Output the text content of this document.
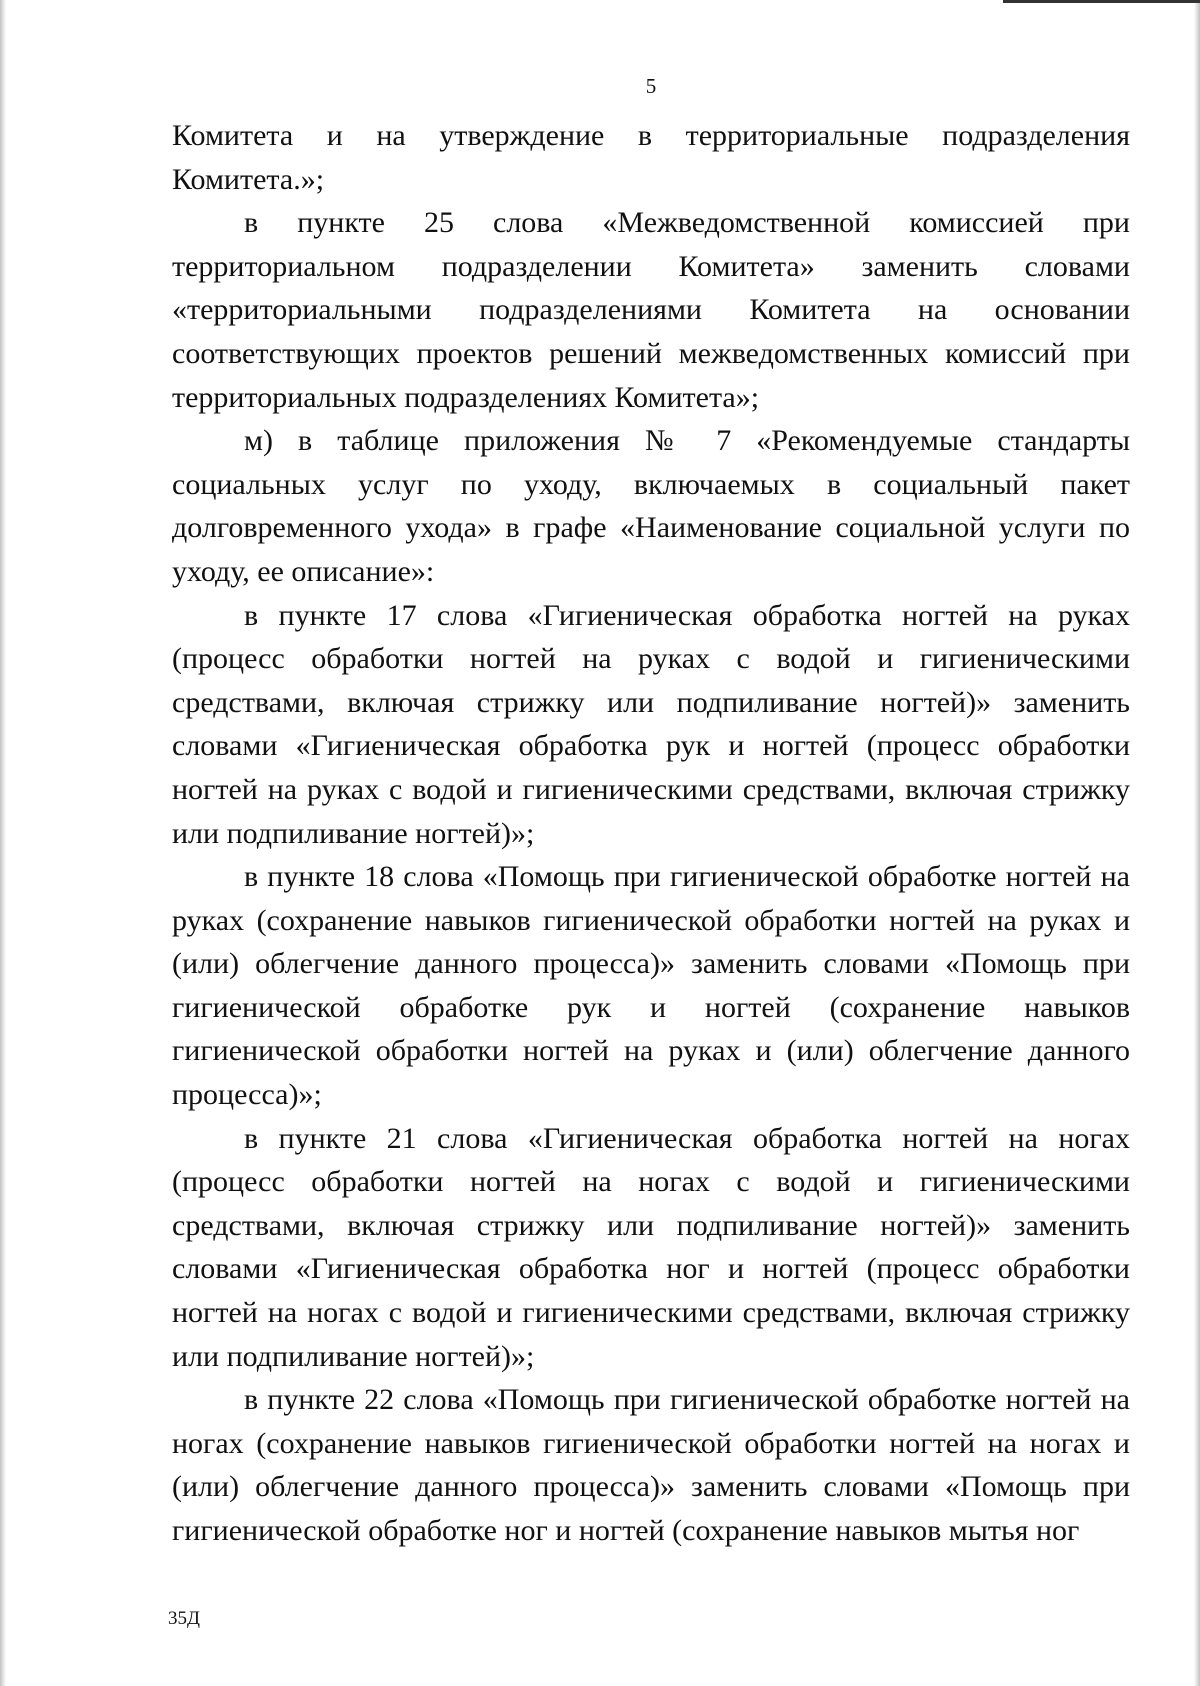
5

Комитета и на утверждение в территориальные подразделения Комитета.»;

в пункте 25 слова «Межведомственной комиссией при территориальном подразделении Комитета» заменить словами «территориальными подразделениями Комитета на основании соответствующих проектов решений межведомственных комиссий при территориальных подразделениях Комитета»;

м) в таблице приложения № 7 «Рекомендуемые стандарты социальных услуг по уходу, включаемых в социальный пакет долговременного ухода» в графе «Наименование социальной услуги по уходу, ее описание»:

в пункте 17 слова «Гигиеническая обработка ногтей на руках (процесс обработки ногтей на руках с водой и гигиеническими средствами, включая стрижку или подпиливание ногтей)» заменить словами «Гигиеническая обработка рук и ногтей (процесс обработки ногтей на руках с водой и гигиеническими средствами, включая стрижку или подпиливание ногтей)»;

в пункте 18 слова «Помощь при гигиенической обработке ногтей на руках (сохранение навыков гигиенической обработки ногтей на руках и (или) облегчение данного процесса)» заменить словами «Помощь при гигиенической обработке рук и ногтей (сохранение навыков гигиенической обработки ногтей на руках и (или) облегчение данного процесса)»;

в пункте 21 слова «Гигиеническая обработка ногтей на ногах (процесс обработки ногтей на ногах с водой и гигиеническими средствами, включая стрижку или подпиливание ногтей)» заменить словами «Гигиеническая обработка ног и ногтей (процесс обработки ногтей на ногах с водой и гигиеническими средствами, включая стрижку или подпиливание ногтей)»;

в пункте 22 слова «Помощь при гигиенической обработке ногтей на ногах (сохранение навыков гигиенической обработки ногтей на ногах и (или) облегчение данного процесса)» заменить словами «Помощь при гигиенической обработке ног и ногтей (сохранение навыков мытья ног

35Д
